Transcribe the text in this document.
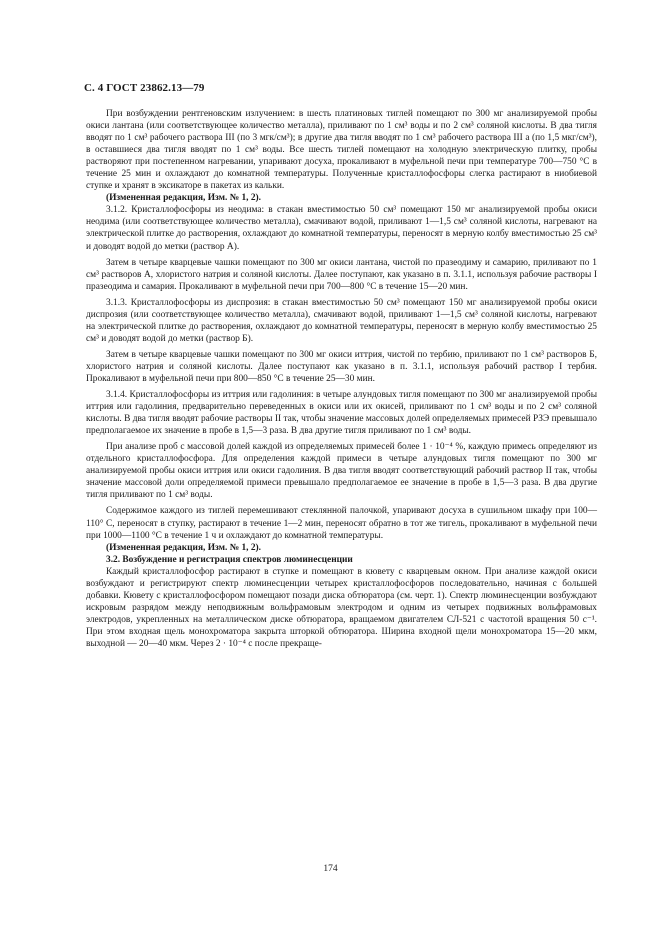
С. 4 ГОСТ 23862.13—79

При возбуждении рентгеновским излучением: в шесть платиновых тиглей помещают по 300 мг анализируемой пробы окиси лантана (или соответствующее количество металла), приливают по 1 см³ воды и по 2 см³ соляной кислоты. В два тигля вводят по 1 см³ рабочего раствора III (по 3 мгк/см³); в другие два тигля вводят по 1 см³ рабочего раствора III а (по 1,5 мкг/см³), в оставшиеся два тигля вводят по 1 см³ воды. Все шесть тиглей помещают на холодную электрическую плитку, пробы растворяют при постепенном нагревании, упаривают досуха, прокаливают в муфельной печи при температуре 700—750 °С в течение 25 мин и охлаждают до комнатной температуры. Полученные кристаллофосфоры слегка растирают в ниобиевой ступке и хранят в эксикаторе в пакетах из кальки.

(Измененная редакция, Изм. № 1, 2).

3.1.2. Кристаллофосфоры из неодима: в стакан вместимостью 50 см³ помещают 150 мг анализируемой пробы окиси неодима (или соответствующее количество металла), смачивают водой, приливают 1—1,5 см³ соляной кислоты, нагревают на электрической плитке до растворения, охлаждают до комнатной температуры, переносят в мерную колбу вместимостью 25 см³ и доводят водой до метки (раствор А).

Затем в четыре кварцевые чашки помещают по 300 мг окиси лантана, чистой по празеодиму и самарию, приливают по 1 см³ растворов А, хлористого натрия и соляной кислоты. Далее поступают, как указано в п. 3.1.1, используя рабочие растворы I празеодима и самария. Прокаливают в муфельной печи при 700—800 °С в течение 15—20 мин.

3.1.3. Кристаллофосфоры из диспрозия: в стакан вместимостью 50 см³ помещают 150 мг анализируемой пробы окиси диспрозия (или соответствующее количество металла), смачивают водой, приливают 1—1,5 см³ соляной кислоты, нагревают на электрической плитке до растворения, охлаждают до комнатной температуры, переносят в мерную колбу вместимостью 25 см³ и доводят водой до метки (раствор Б).

Затем в четыре кварцевые чашки помещают по 300 мг окиси иттрия, чистой по тербию, приливают по 1 см³ растворов Б, хлористого натрия и соляной кислоты. Далее поступают как указано в п. 3.1.1, используя рабочий раствор I тербия. Прокаливают в муфельной печи при 800—850 °С в течение 25—30 мин.

3.1.4. Кристаллофосфоры из иттрия или гадолиния: в четыре алундовых тигля помещают по 300 мг анализируемой пробы иттрия или гадолиния, предварительно переведенных в окиси или их окисей, приливают по 1 см³ воды и по 2 см³ соляной кислоты. В два тигля вводят рабочие растворы II так, чтобы значение массовых долей определяемых примесей РЗЭ превышало предполагаемое их значение в пробе в 1,5—3 раза. В два другие тигля приливают по 1 см³ воды.

При анализе проб с массовой долей каждой из определяемых примесей более 1 · 10⁻⁴ %, каждую примесь определяют из отдельного кристаллофосфора. Для определения каждой примеси в четыре алундовых тигля помещают по 300 мг анализируемой пробы окиси иттрия или окиси гадолиния. В два тигля вводят соответствующий рабочий раствор II так, чтобы значение массовой доли определяемой примеси превышало предполагаемое ее значение в пробе в 1,5—3 раза. В два другие тигля приливают по 1 см³ воды.

Содержимое каждого из тиглей перемешивают стеклянной палочкой, упаривают досуха в сушильном шкафу при 100—110° С, переносят в ступку, растирают в течение 1—2 мин, переносят обратно в тот же тигель, прокаливают в муфельной печи при 1000—1100 °С в течение 1 ч и охлаждают до комнатной температуры.

(Измененная редакция, Изм. № 1, 2).

3.2. Возбуждение и регистрация спектров люминесценции

Каждый кристаллофосфор растирают в ступке и помещают в кювету с кварцевым окном. При анализе каждой окиси возбуждают и регистрируют спектр люминесценции четырех кристаллофосфоров последовательно, начиная с большей добавки. Кювету с кристаллофосфором помещают позади диска обтюратора (см. черт. 1). Спектр люминесценции возбуждают искровым разрядом между неподвижным вольфрамовым электродом и одним из четырех подвижных вольфрамовых электродов, укрепленных на металлическом диске обтюратора, вращаемом двигателем СЛ-521 с частотой вращения 50 с⁻¹. При этом входная щель монохроматора закрыта шторкой обтюратора. Ширина входной щели монохроматора 15—20 мкм, выходной — 20—40 мкм. Через 2 · 10⁻⁴ с после прекраще-

174
